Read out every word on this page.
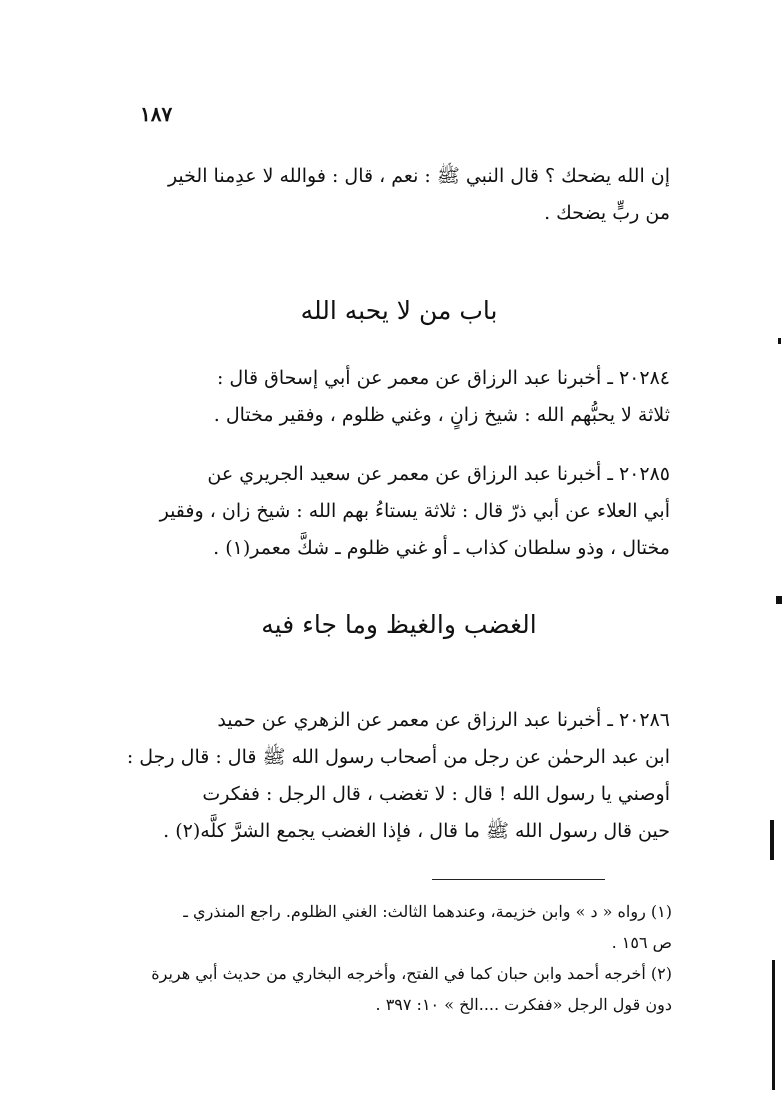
١٨٧
إن الله يضحك ؟ قال النبي ﷺ : نعم ، قال : فوالله لا عدِمنا الخير
من ربٍّ يضحك .
باب من لا يحبه الله
٢٠٢٨٤ ـ أخبرنا عبد الرزاق عن معمر عن أبي إسحاق قال :
ثلاثة لا يحبُّهم الله : شيخ زانٍ ، وغني ظلوم ، وفقير مختال .
٢٠٢٨٥ ـ أخبرنا عبد الرزاق عن معمر عن سعيد الجريري عن
أبي العلاء عن أبي ذرّ قال : ثلاثة يستاءُ بهم الله : شيخ زان ، وفقير
مختال ، وذو سلطان كذاب ـ أو غني ظلوم ـ شكَّ معمر(١) .
الغضب والغيظ وما جاء فيه
٢٠٢٨٦ ـ أخبرنا عبد الرزاق عن معمر عن الزهري عن حميد
ابن عبد الرحمٰن عن رجل من أصحاب رسول الله ﷺ قال : قال رجل :
أوصني يا رسول الله ! قال : لا تغضب ، قال الرجل : ففكرت
حين قال رسول الله ﷺ ما قال ، فإذا الغضب يجمع الشرَّ كلَّه(٢) .
(١) رواه « د » وابن خزيمة، وعندهما الثالث: الغني الظلوم. راجع المنذري ـ
ص ١٥٦ .
(٢) أخرجه أحمد وابن حبان كما في الفتح، وأخرجه البخاري من حديث أبي هريرة
دون قول الرجل «ففكرت ....الخ » ١٠: ٣٩٧ .
